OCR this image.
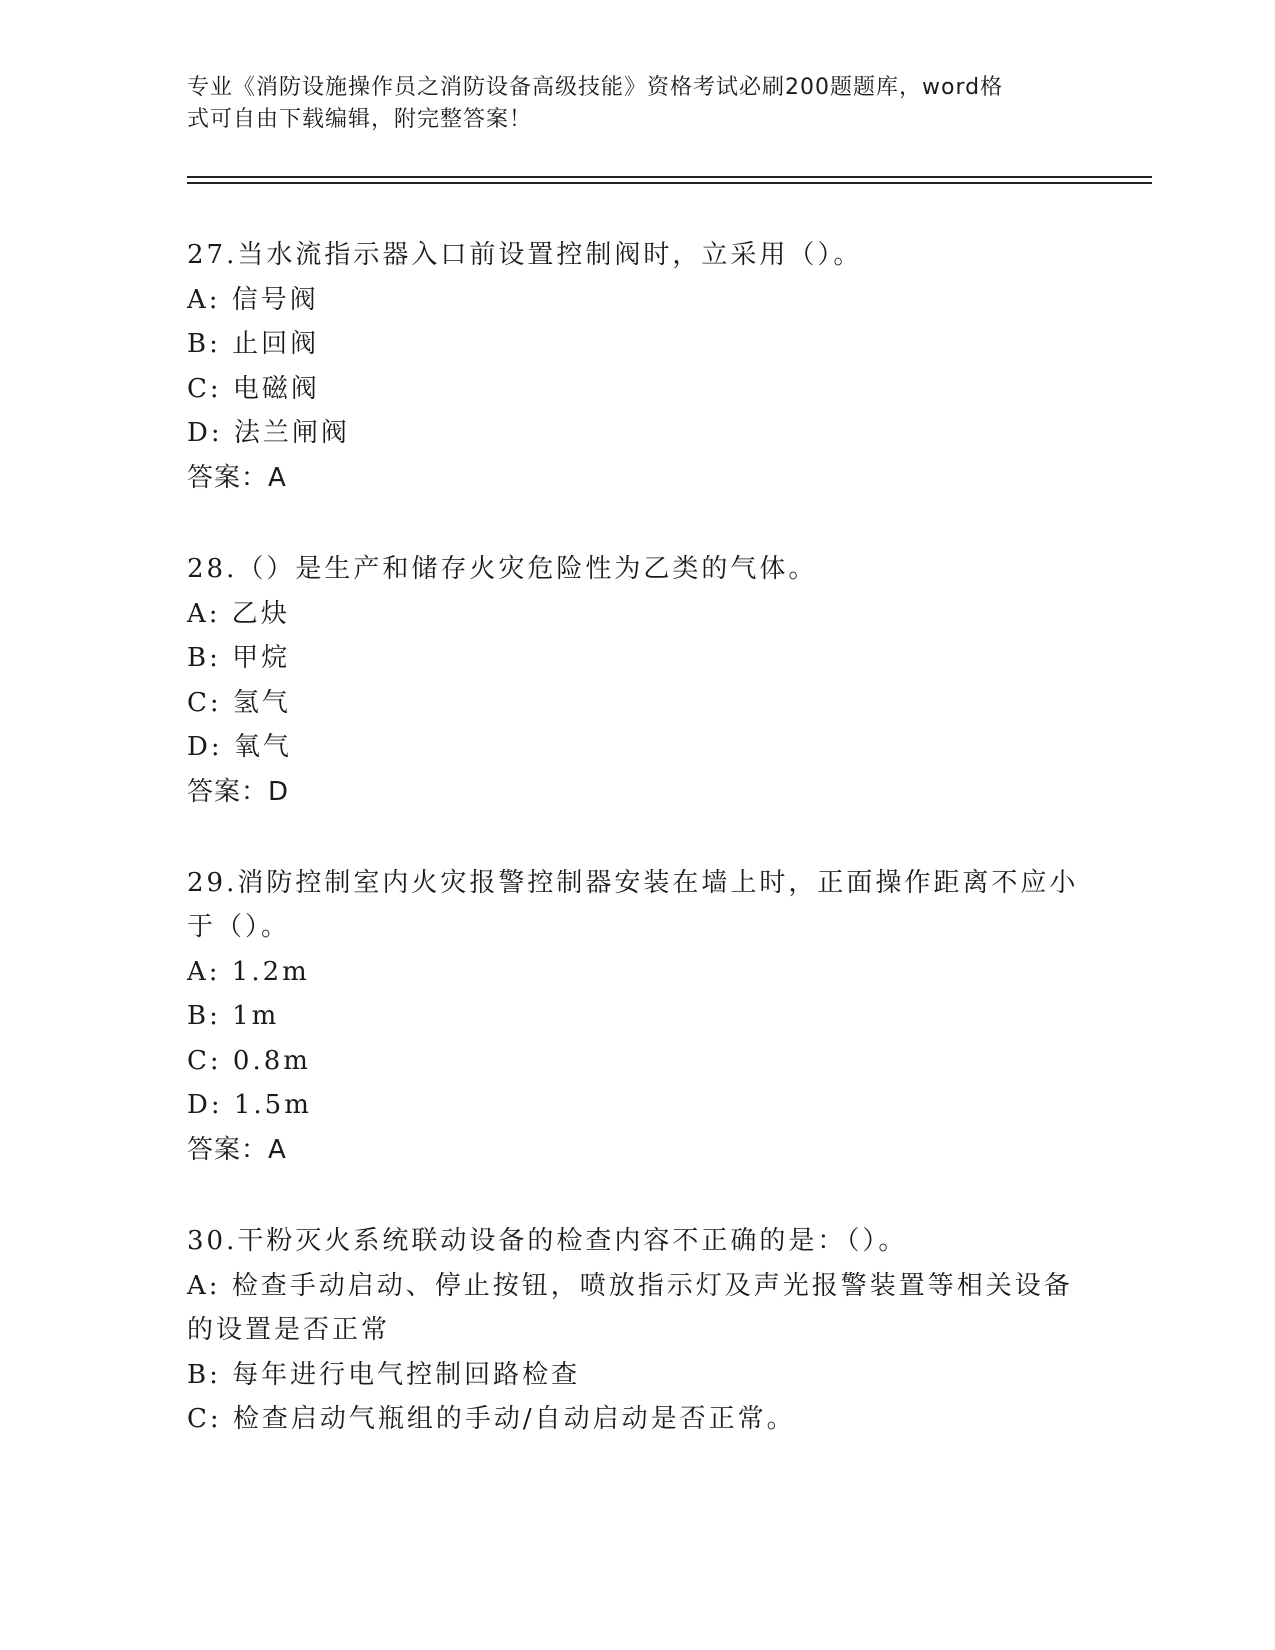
专业《消防设施操作员之消防设备高级技能》资格考试必刷200题题库，word格
式可自由下载编辑，附完整答案！
27.当水流指示器入口前设置控制阀时，立采用（）。
A: 信号阀
B: 止回阀
C: 电磁阀
D: 法兰闸阀
答案：A
28.（）是生产和储存火灾危险性为乙类的气体。
A: 乙炔
B: 甲烷
C: 氢气
D: 氧气
答案：D
29.消防控制室内火灾报警控制器安装在墙上时，正面操作距离不应小
于（）。
A: 1.2m
B: 1m
C: 0.8m
D: 1.5m
答案：A
30.干粉灭火系统联动设备的检查内容不正确的是：（）。
A: 检查手动启动、停止按钮，喷放指示灯及声光报警装置等相关设备
的设置是否正常
B: 每年进行电气控制回路检查
C: 检查启动气瓶组的手动/自动启动是否正常。
